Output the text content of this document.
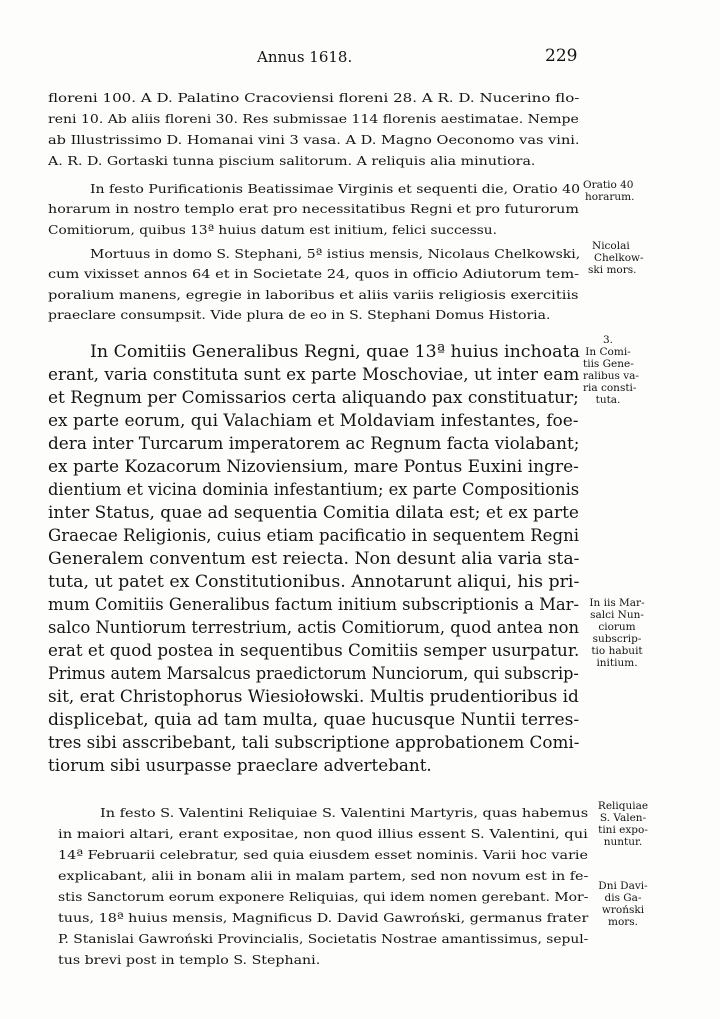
Annus 1618.	229
floreni 100. A D. Palatino Cracoviensi floreni 28. A R. D. Nucerino flo-
reni 10. Ab aliis floreni 30. Res submissae 114 florenis aestimatae. Nempe
ab Illustrissimo D. Homanai vini 3 vasa. A D. Magno Oeconomo vas vini.
A. R. D. Gortaski tunna piscium salitorum. A reliquis alia minutiora.
In festo Purificationis Beatissimae Virginis et sequenti die, Oratio 40
horarum in nostro templo erat pro necessitatibus Regni et pro futurorum
Comitiorum, quibus 13ª huius datum est initium, felici successu.
Oratio 40
horarum.
Mortuus in domo S. Stephani, 5ª istius mensis, Nicolaus Chelkowski,
cum vixisset annos 64 et in Societate 24, quos in officio Adiutorum tem-
poralium manens, egregie in laboribus et aliis variis religiosis exercitiis
praeclare consumpsit. Vide plura de eo in S. Stephani Domus Historia.
Nicolai
Chelkow-
ski mors.
In Comitiis Generalibus Regni, quae 13ª huius inchoata
erant, varia constituta sunt ex parte Moschoviae, ut inter eam
et Regnum per Comissarios certa aliquando pax constituatur;
ex parte eorum, qui Valachiam et Moldaviam infestantes, foe-
dera inter Turcarum imperatorem ac Regnum facta violabant;
ex parte Kozacorum Nizoviensium, mare Pontus Euxini ingre-
dientium et vicina dominia infestantium; ex parte Compositionis
inter Status, quae ad sequentia Comitia dilata est; et ex parte
Graecae Religionis, cuius etiam pacificatio in sequentem Regni
Generalem conventum est reiecta. Non desunt alia varia sta-
tuta, ut patet ex Constitutionibus. Annotarunt aliqui, his pri-
mum Comitiis Generalibus factum initium subscriptionis a Mar-
salco Nuntiorum terrestrium, actis Comitiorum, quod antea non
erat et quod postea in sequentibus Comitiis semper usurpatur.
Primus autem Marsalcus praedictorum Nunciorum, qui subscrip-
sit, erat Christophorus Wiesiołowski. Multis prudentioribus id
displicebat, quia ad tam multa, quae hucusque Nuntii terres-
tres sibi asscribebant, tali subscriptione approbationem Comi-
tiorum sibi usurpasse praeclare advertebant.
3.
In Comi-
tiis Gene-
ralibus va-
ria consti-
tuta.
In iis Mar-
salci Nun-
ciorum
subscrip-
tio habuit
initium.
In festo S. Valentini Reliquiae S. Valentini Martyris, quas habemus
in maiori altari, erant expositae, non quod illius essent S. Valentini, qui
14ª Februarii celebratur, sed quia eiusdem esset nominis. Varii hoc varie
explicabant, alii in bonam alii in malam partem, sed non novum est in fe-
stis Sanctorum eorum exponere Reliquias, qui idem nomen gerebant. Mor-
tuus, 18ª huius mensis, Magnificus D. David Gawroński, germanus frater
P. Stanislai Gawroński Provincialis, Societatis Nostrae amantissimus, sepul-
tus brevi post in templo S. Stephani.
Reliquiae
S. Valen-
tini expo-
nuntur.
Dni Davi-
dis Ga-
wroński
mors.
